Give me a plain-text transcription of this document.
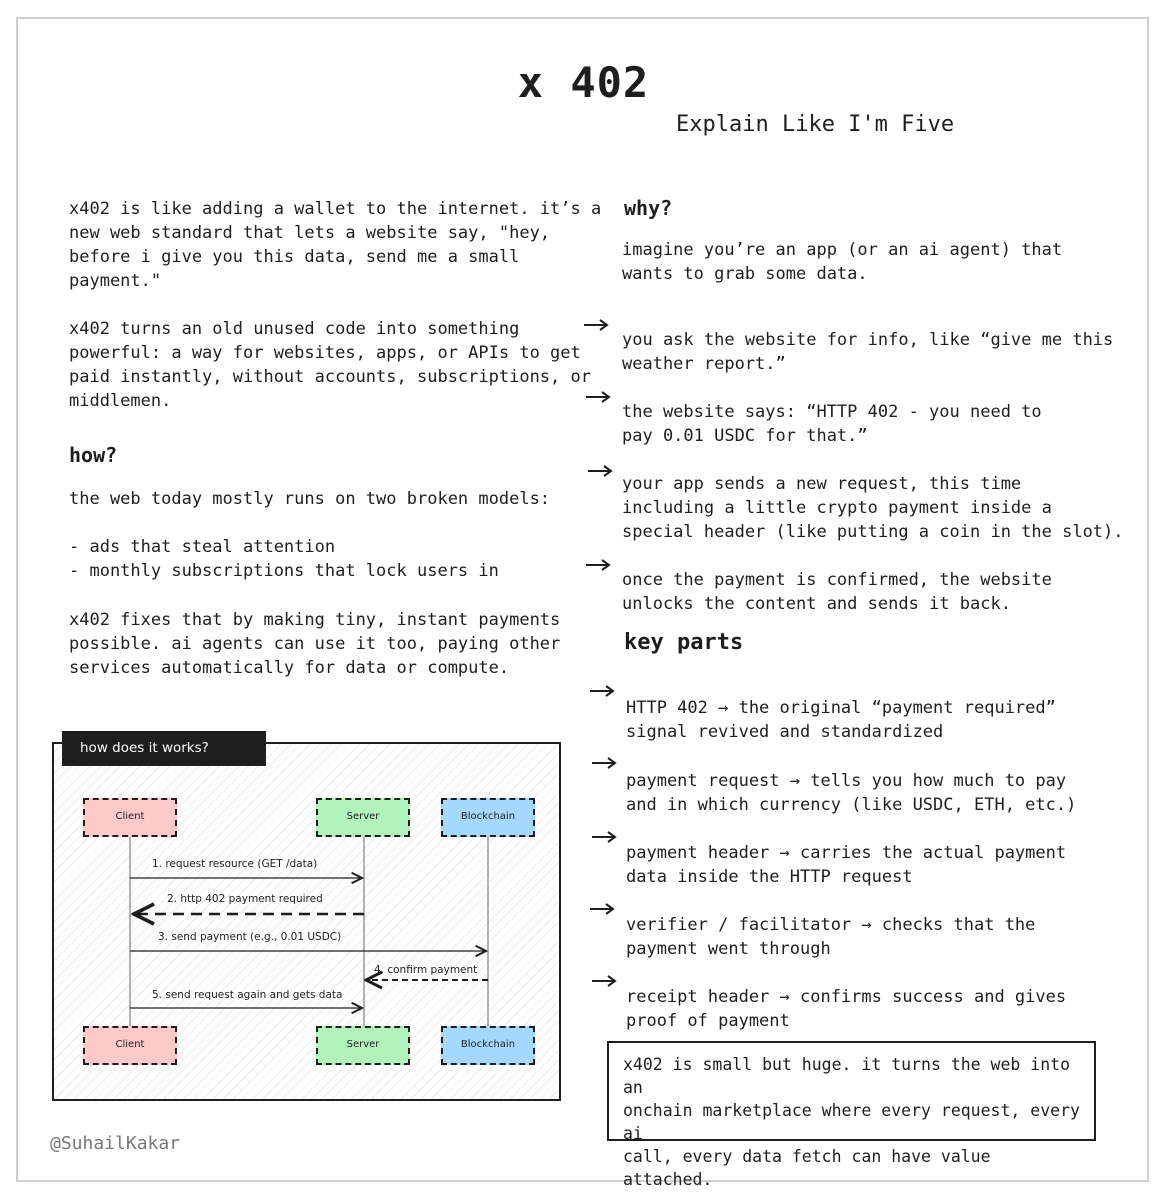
x 402
Explain Like I'm Five

x402 is like adding a wallet to the internet. it’s a
new web standard that lets a website say, "hey,
before i give you this data, send me a small
payment."

x402 turns an old unused code into something
powerful: a way for websites, apps, or APIs to get
paid instantly, without accounts, subscriptions, or
middlemen.

how?

the web today mostly runs on two broken models:

- ads that steal attention
- monthly subscriptions that lock users in

x402 fixes that by making tiny, instant payments
possible. ai agents can use it too, paying other
services automatically for data or compute.

why?

imagine you’re an app (or an ai agent) that
wants to grab some data.

you ask the website for info, like “give me this
weather report.”

the website says: “HTTP 402 - you need to
pay 0.01 USDC for that.”

your app sends a new request, this time
including a little crypto payment inside a
special header (like putting a coin in the slot).

once the payment is confirmed, the website
unlocks the content and sends it back.

key parts

HTTP 402 → the original “payment required”
signal revived and standardized

payment request → tells you how much to pay
and in which currency (like USDC, ETH, etc.)

payment header → carries the actual payment
data inside the HTTP request

verifier / facilitator → checks that the
payment went through

receipt header → confirms success and gives
proof of payment

x402 is small but huge. it turns the web into an
onchain marketplace where every request, every ai
call, every data fetch can have value attached.
Client	Server	Blockchain
Client	Server	Blockchain
1. request resource (GET /data)
2. http 402 payment required
3. send payment (e.g., 0.01 USDC)
4. confirm payment
5. send request again and gets data
how does it works?
@SuhailKakar
